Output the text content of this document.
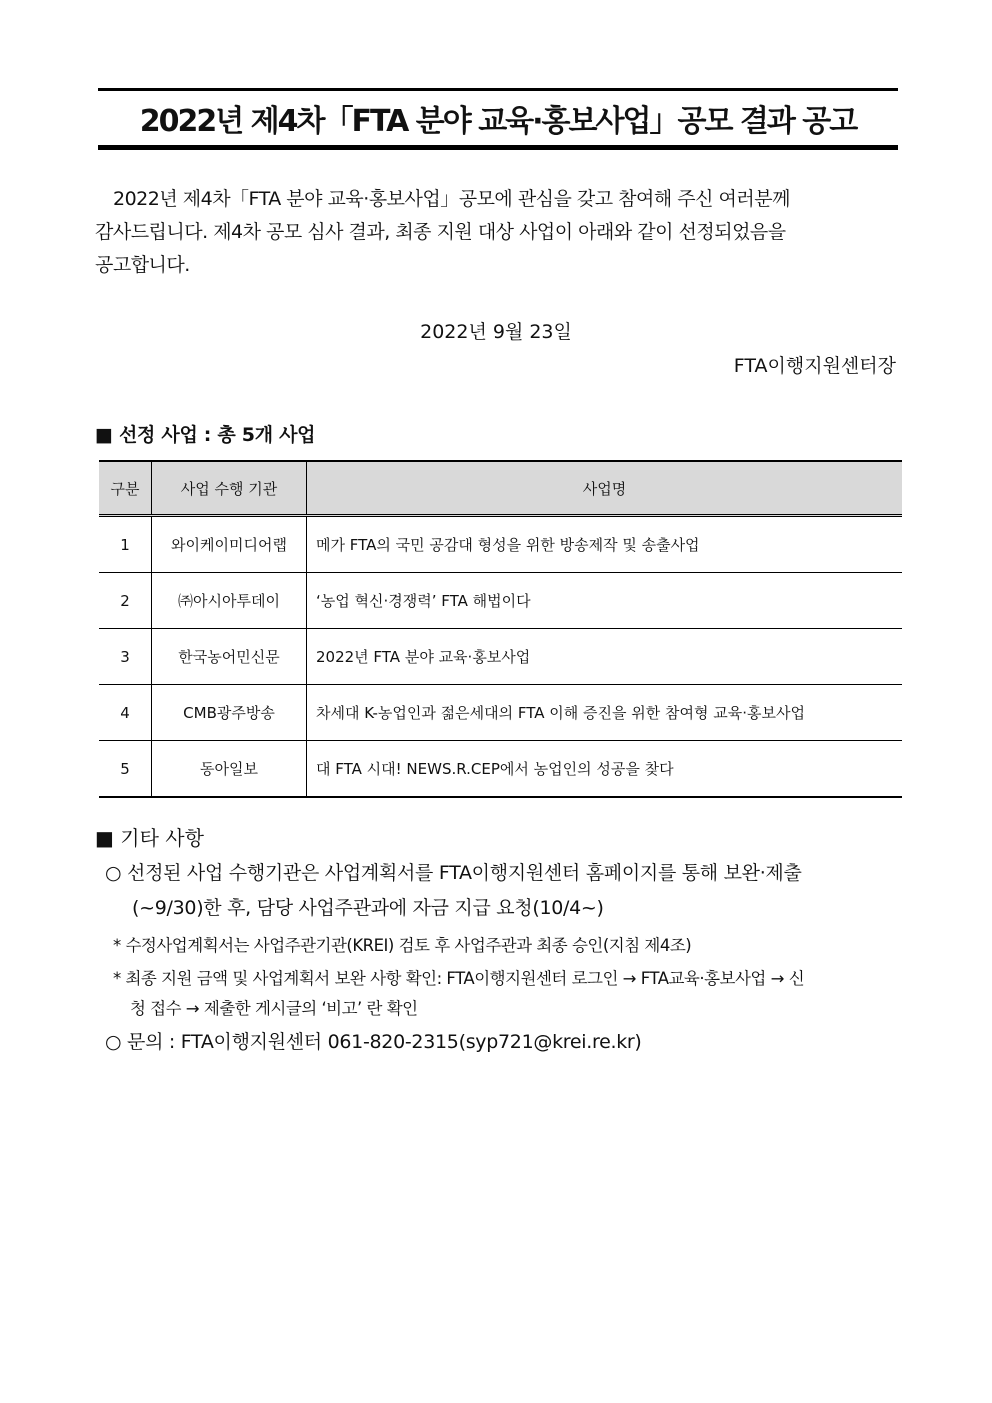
2022년 제4차「FTA 분야 교육·홍보사업」공모 결과 공고
2022년 제4차「FTA 분야 교육·홍보사업」공모에 관심을 갖고 참여해 주신 여러분께
감사드립니다. 제4차 공모 심사 결과, 최종 지원 대상 사업이 아래와 같이 선정되었음을
공고합니다.
2022년 9월 23일
FTA이행지원센터장
■ 선정 사업 : 총 5개 사업
구분	사업 수행 기관	사업명
1	와이케이미디어랩	메가 FTA의 국민 공감대 형성을 위한 방송제작 및 송출사업
2	㈜아시아투데이	‘농업 혁신·경쟁력’ FTA 해법이다
3	한국농어민신문	2022년 FTA 분야 교육·홍보사업
4	CMB광주방송	차세대 K-농업인과 젊은세대의 FTA 이해 증진을 위한 참여형 교육·홍보사업
5	동아일보	대 FTA 시대! NEWS.R.CEP에서 농업인의 성공을 찾다
■ 기타 사항
○ 선정된 사업 수행기관은 사업계획서를 FTA이행지원센터 홈페이지를 통해 보완·제출
(~9/30)한 후, 담당 사업주관과에 자금 지급 요청(10/4~)
* 수정사업계획서는 사업주관기관(KREI) 검토 후 사업주관과 최종 승인(지침 제4조)
* 최종 지원 금액 및 사업계획서 보완 사항 확인: FTA이행지원센터 로그인 → FTA교육·홍보사업 → 신
청 접수 → 제출한 게시글의 ‘비고’ 란 확인
○ 문의 : FTA이행지원센터 061-820-2315(syp721@krei.re.kr)
